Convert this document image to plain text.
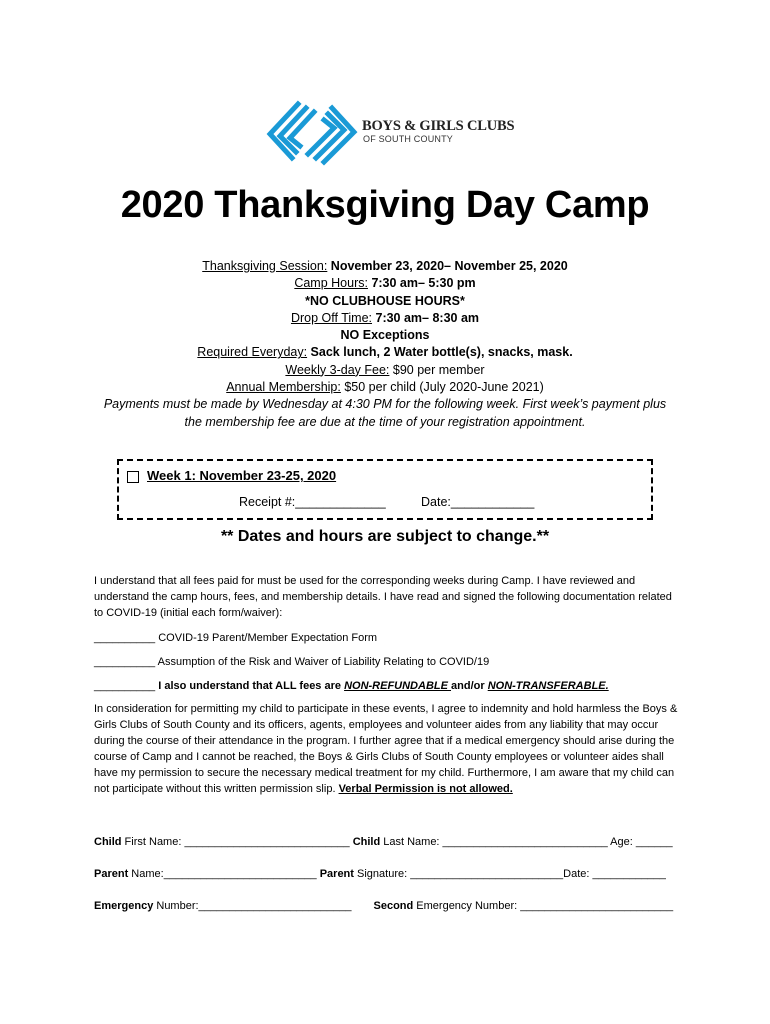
BOYS & GIRLS CLUBS
OF SOUTH COUNTY
2020 Thanksgiving Day Camp
Thanksgiving Session: November 23, 2020– November 25, 2020
Camp Hours: 7:30 am– 5:30 pm
*NO CLUBHOUSE HOURS*
Drop Off Time: 7:30 am– 8:30 am
NO Exceptions
Required Everyday: Sack lunch, 2 Water bottle(s), snacks, mask.
Weekly 3-day Fee: $90 per member
Annual Membership: $50 per child (July 2020-June 2021)
Payments must be made by Wednesday at 4:30 PM for the following week. First week’s payment plus
the membership fee are due at the time of your registration appointment.
Week 1: November 23-25, 2020
Receipt #:_____________	Date:____________
** Dates and hours are subject to change.**
I understand that all fees paid for must be used for the corresponding weeks during Camp. I have reviewed and understand the camp hours, fees, and membership details. I have read and signed the following documentation related to COVID-19 (initial each form/waiver):
__________ COVID-19 Parent/Member Expectation Form
__________ Assumption of the Risk and Waiver of Liability Relating to COVID/19
__________ I also understand that ALL fees are NON-REFUNDABLE and/or NON-TRANSFERABLE.
In consideration for permitting my child to participate in these events, I agree to indemnity and hold harmless the Boys & Girls Clubs of South County and its officers, agents, employees and volunteer aides from any liability that may occur during the course of their attendance in the program. I further agree that if a medical emergency should arise during the course of Camp and I cannot be reached, the Boys & Girls Clubs of South County employees or volunteer aides shall have my permission to secure the necessary medical treatment for my child. Furthermore, I am aware that my child can not participate without this written permission slip. Verbal Permission is not allowed.
Child First Name: ___________________________ Child Last Name: ___________________________ Age: ______
Parent Name:_________________________ Parent Signature: _________________________Date: ____________
Emergency Number:_________________________ Second Emergency Number: _________________________
